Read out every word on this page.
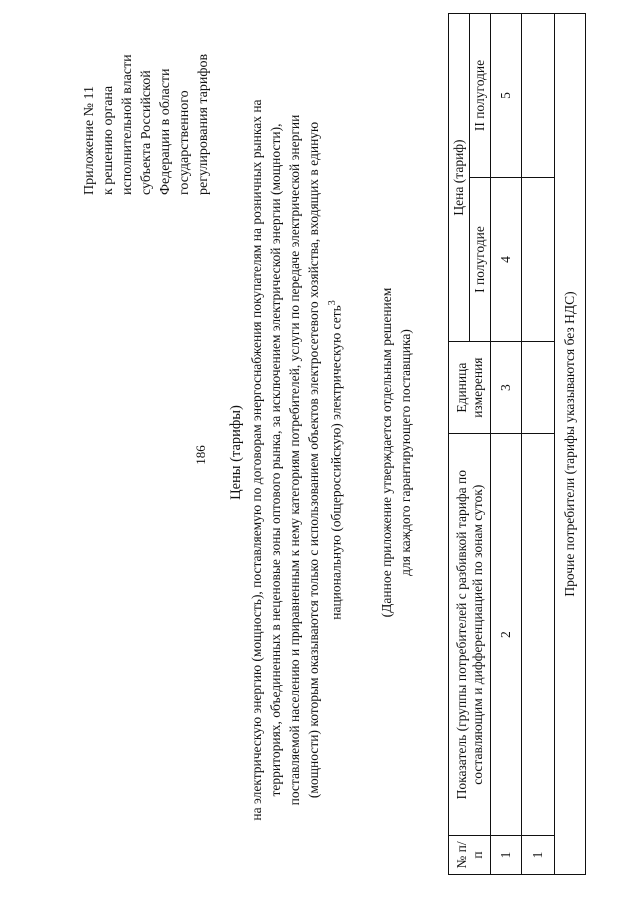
186
Приложение № 11 к решению органа исполнительной власти субъекта Российской Федерации в области государственного регулирования тарифов
Цены (тарифы) на электрическую энергию (мощность), поставляемую по договорам энергоснабжения покупателям на розничных рынках на территориях, объединенных в неценовые зоны оптового рынка, за исключением электрической энергии (мощности), поставляемой населению и приравненным к нему категориям потребителей, услуги по передаче электрической энергии (мощности) которым оказываются только с использованием объектов электросетевого хозяйства, входящих в единую национальную (общероссийскую) электрическую сеть$^3$	(Данное приложение утверждается отдельным решением для каждого гарантирующего поставщика)
№ п/п	Показатель (группы потребителей с разбивкой тарифа по составляющим и дифференциацией по зонам суток)	Единица измерения	Цена (тариф)	
			I полугодие	II полугодие
1	2	3	4	5
1				
Прочие потребители (тарифы указываются без НДС)				
